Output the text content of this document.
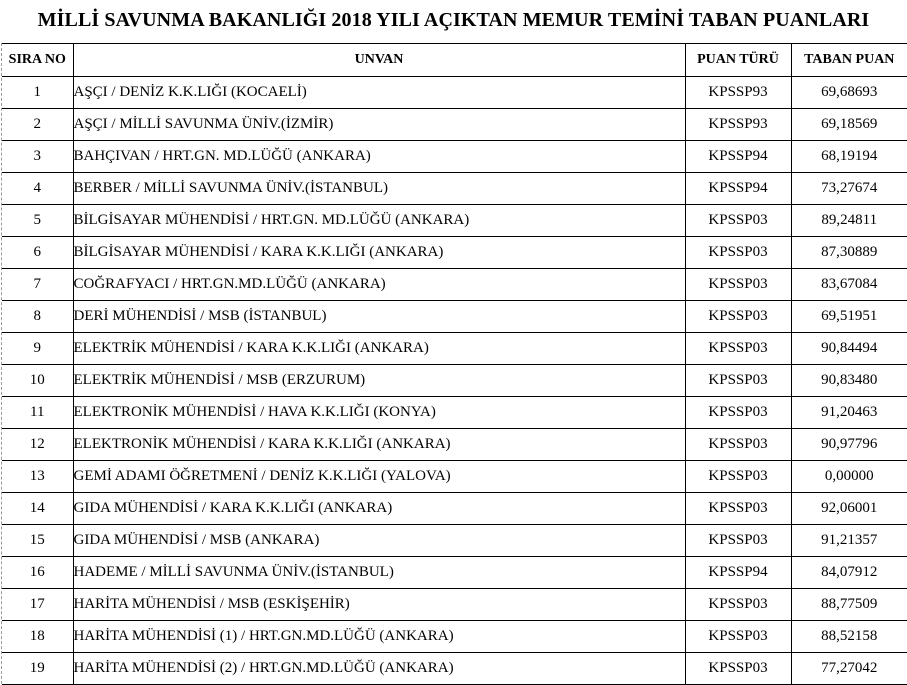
MİLLİ SAVUNMA BAKANLIĞI 2018 YILI AÇIKTAN MEMUR TEMİNİ TABAN PUANLARI
SIRA NO	UNVAN	PUAN TÜRÜ	TABAN PUAN
1	AŞÇI / DENİZ K.K.LIĞI (KOCAELİ)	KPSSP93	69,68693
2	AŞÇI / MİLLİ SAVUNMA ÜNİV.(İZMİR)	KPSSP93	69,18569
3	BAHÇIVAN / HRT.GN. MD.LÜĞÜ (ANKARA)	KPSSP94	68,19194
4	BERBER / MİLLİ SAVUNMA ÜNİV.(İSTANBUL)	KPSSP94	73,27674
5	BİLGİSAYAR MÜHENDİSİ / HRT.GN. MD.LÜĞÜ (ANKARA)	KPSSP03	89,24811
6	BİLGİSAYAR MÜHENDİSİ / KARA K.K.LIĞI (ANKARA)	KPSSP03	87,30889
7	COĞRAFYACI / HRT.GN.MD.LÜĞÜ (ANKARA)	KPSSP03	83,67084
8	DERİ MÜHENDİSİ / MSB (İSTANBUL)	KPSSP03	69,51951
9	ELEKTRİK MÜHENDİSİ / KARA K.K.LIĞI (ANKARA)	KPSSP03	90,84494
10	ELEKTRİK MÜHENDİSİ / MSB (ERZURUM)	KPSSP03	90,83480
11	ELEKTRONİK MÜHENDİSİ / HAVA K.K.LIĞI (KONYA)	KPSSP03	91,20463
12	ELEKTRONİK MÜHENDİSİ / KARA K.K.LIĞI (ANKARA)	KPSSP03	90,97796
13	GEMİ ADAMI ÖĞRETMENİ / DENİZ K.K.LIĞI (YALOVA)	KPSSP03	0,00000
14	GIDA MÜHENDİSİ / KARA K.K.LIĞI (ANKARA)	KPSSP03	92,06001
15	GIDA MÜHENDİSİ / MSB (ANKARA)	KPSSP03	91,21357
16	HADEME / MİLLİ SAVUNMA ÜNİV.(İSTANBUL)	KPSSP94	84,07912
17	HARİTA MÜHENDİSİ / MSB (ESKİŞEHİR)	KPSSP03	88,77509
18	HARİTA MÜHENDİSİ (1) / HRT.GN.MD.LÜĞÜ (ANKARA)	KPSSP03	88,52158
19	HARİTA MÜHENDİSİ (2) / HRT.GN.MD.LÜĞÜ (ANKARA)	KPSSP03	77,27042
